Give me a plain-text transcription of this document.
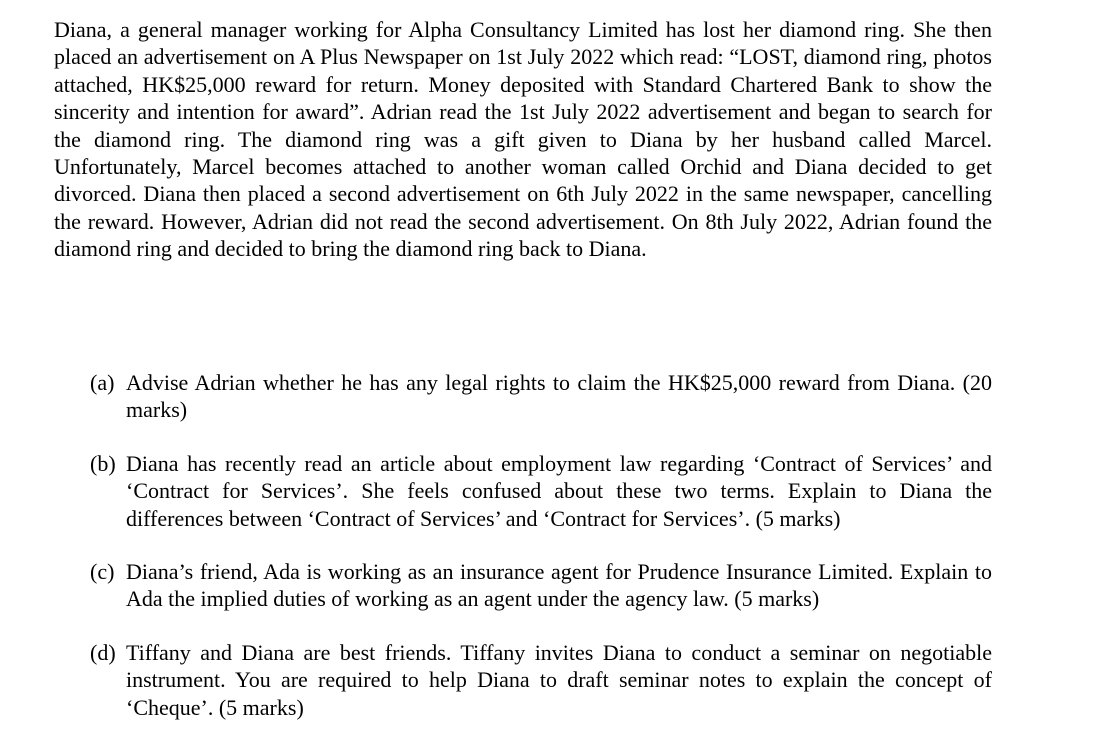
Diana, a general manager working for Alpha Consultancy Limited has lost her diamond ring. She then placed an advertisement on A Plus Newspaper on 1st July 2022 which read: “LOST, diamond ring, photos attached, HK$25,000 reward for return. Money deposited with Standard Chartered Bank to show the sincerity and intention for award”. Adrian read the 1st July 2022 advertisement and began to search for the diamond ring. The diamond ring was a gift given to Diana by her husband called Marcel. Unfortunately, Marcel becomes attached to another woman called Orchid and Diana decided to get divorced. Diana then placed a second advertisement on 6th July 2022 in the same newspaper, cancelling the reward. However, Adrian did not read the second advertisement. On 8th July 2022, Adrian found the diamond ring and decided to bring the diamond ring back to Diana.

(a) Advise Adrian whether he has any legal rights to claim the HK$25,000 reward from Diana. (20 marks)
(b) Diana has recently read an article about employment law regarding ‘Contract of Services’ and ‘Contract for Services’. She feels confused about these two terms. Explain to Diana the differences between ‘Contract of Services’ and ‘Contract for Services’. (5 marks)
(c) Diana’s friend, Ada is working as an insurance agent for Prudence Insurance Limited. Explain to Ada the implied duties of working as an agent under the agency law. (5 marks)
(d) Tiffany and Diana are best friends. Tiffany invites Diana to conduct a seminar on negotiable instrument. You are required to help Diana to draft seminar notes to explain the concept of ‘Cheque’. (5 marks)
